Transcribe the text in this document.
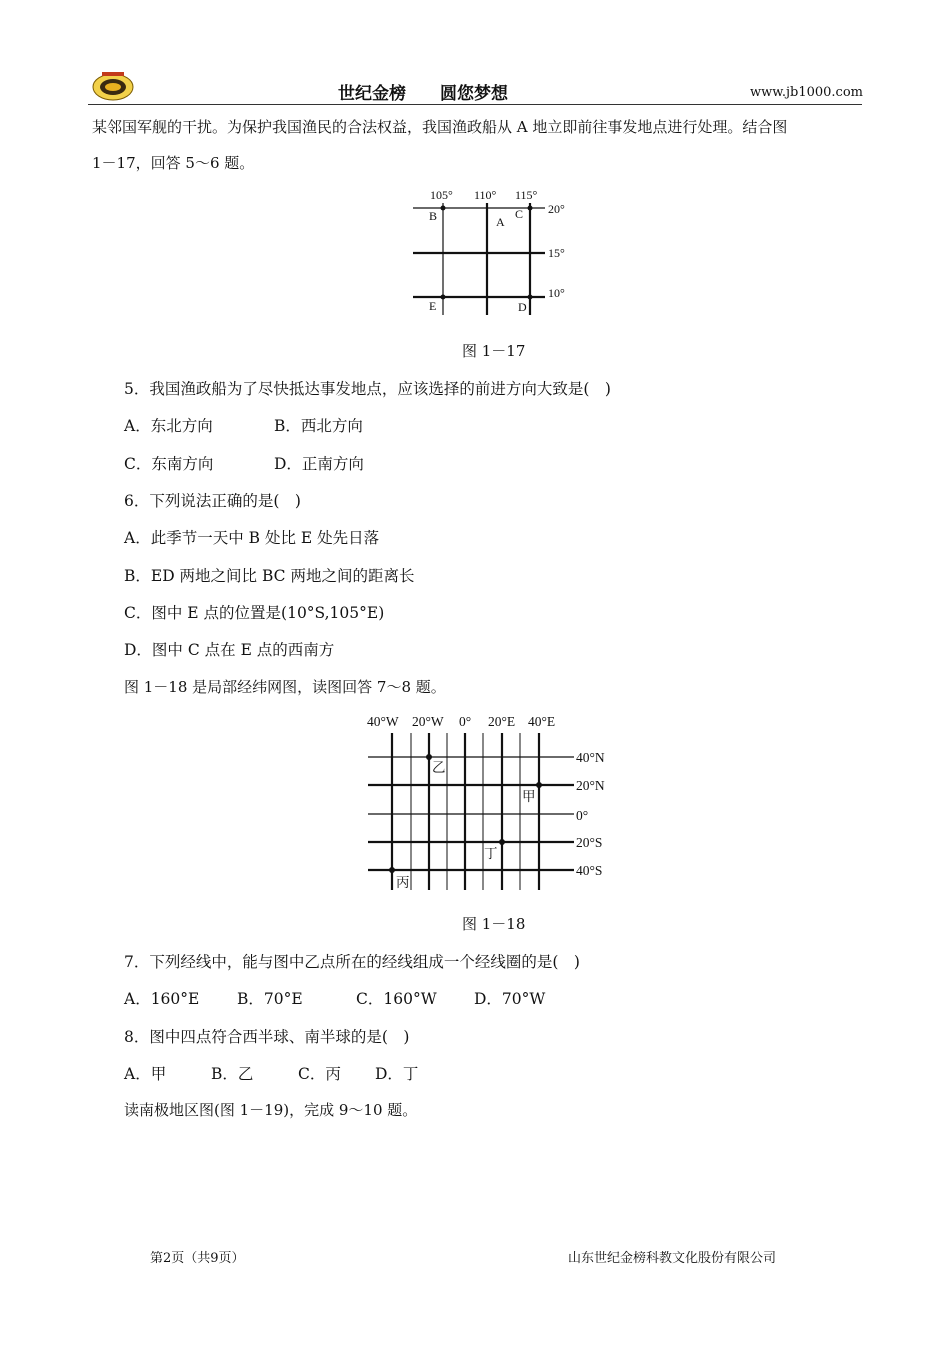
世纪金榜　　圆您梦想	www.jb1000.com
某邻国军舰的干扰。为保护我国渔民的合法权益，我国渔政船从 A 地立即前往事发地点进行处理。结合图
1－17，回答 5～6 题。
105° 110° 115°
20°
15°
10°
B	A
C
E	D
图 1－17
5．我国渔政船为了尽快抵达事发地点，应该选择的前进方向大致是(　)
A．东北方向	B．西北方向
C．东南方向	D．正南方向
6．下列说法正确的是(　)
A．此季节一天中 B 处比 E 处先日落
B．ED 两地之间比 BC 两地之间的距离长
C．图中 E 点的位置是(10°S,105°E)
D．图中 C 点在 E 点的西南方
图 1－18 是局部经纬网图，读图回答 7～8 题。
40°W 20°W 0° 20°E 40°E
40°N
20°N
0°
20°S
40°S
乙
甲
丁
丙
图 1－18
7．下列经线中，能与图中乙点所在的经线组成一个经线圈的是(　)
A．160°E B．70°E	C．160°W D．70°W
8．图中四点符合西半球、南半球的是(　)
A．甲	B．乙	C．丙 D．丁
读南极地区图(图 1－19)，完成 9～10 题。
第2页（共9页）	山东世纪金榜科教文化股份有限公司
